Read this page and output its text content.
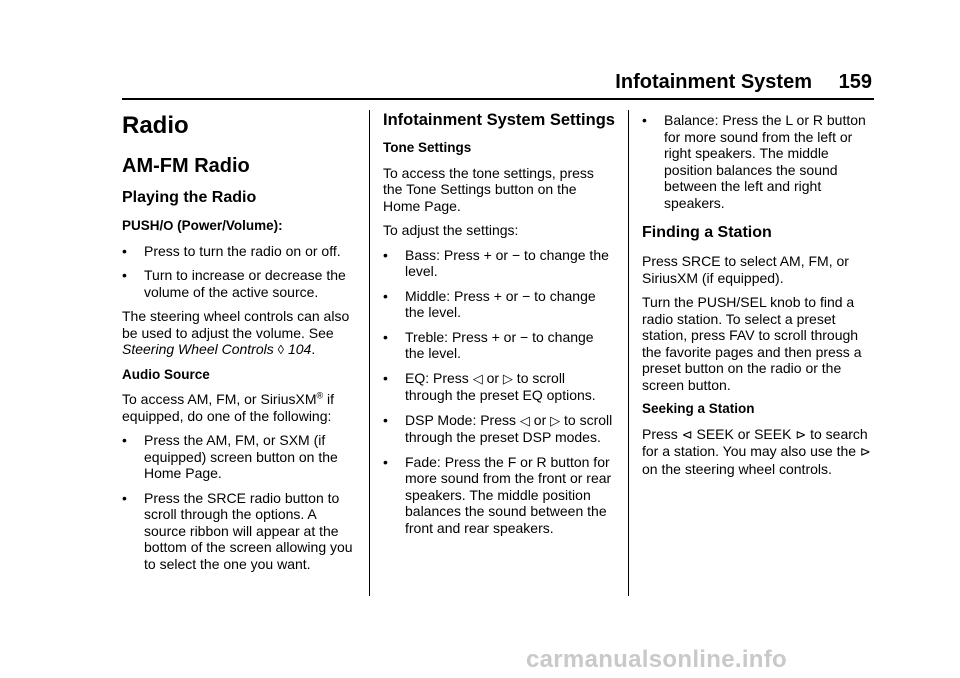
Infotainment System 159
Radio
AM-FM Radio
Playing the Radio
PUSH/O (Power/Volume):
• Press to turn the radio on or off.
• Turn to increase or decrease the volume of the active source.

The steering wheel controls can also be used to adjust the volume. See Steering Wheel Controls ◊ 104.

Audio Source

To access AM, FM, or SiriusXM® if equipped, do one of the following:

• Press the AM, FM, or SXM (if equipped) screen button on the Home Page.
• Press the SRCE radio button to scroll through the options. A source ribbon will appear at the bottom of the screen allowing you to select the one you want.
Infotainment System Settings
Tone Settings

To access the tone settings, press the Tone Settings button on the Home Page.

To adjust the settings:

• Bass: Press + or − to change the level.
• Middle: Press + or − to change the level.
• Treble: Press + or − to change the level.
• EQ: Press ◁ or ▷ to scroll through the preset EQ options.
• DSP Mode: Press ◁ or ▷ to scroll through the preset DSP modes.
• Fade: Press the F or R button for more sound from the front or rear speakers. The middle position balances the sound between the front and rear speakers.
• Balance: Press the L or R button for more sound from the left or right speakers. The middle position balances the sound between the left and right speakers.
Finding a Station

Press SRCE to select AM, FM, or SiriusXM (if equipped).

Turn the PUSH/SEL knob to find a radio station. To select a preset station, press FAV to scroll through the favorite pages and then press a preset button on the radio or the screen button.

Seeking a Station

Press ⊲ SEEK or SEEK ⊳ to search for a station. You may also use the ⊳ on the steering wheel controls.

carmanualsonline.info
